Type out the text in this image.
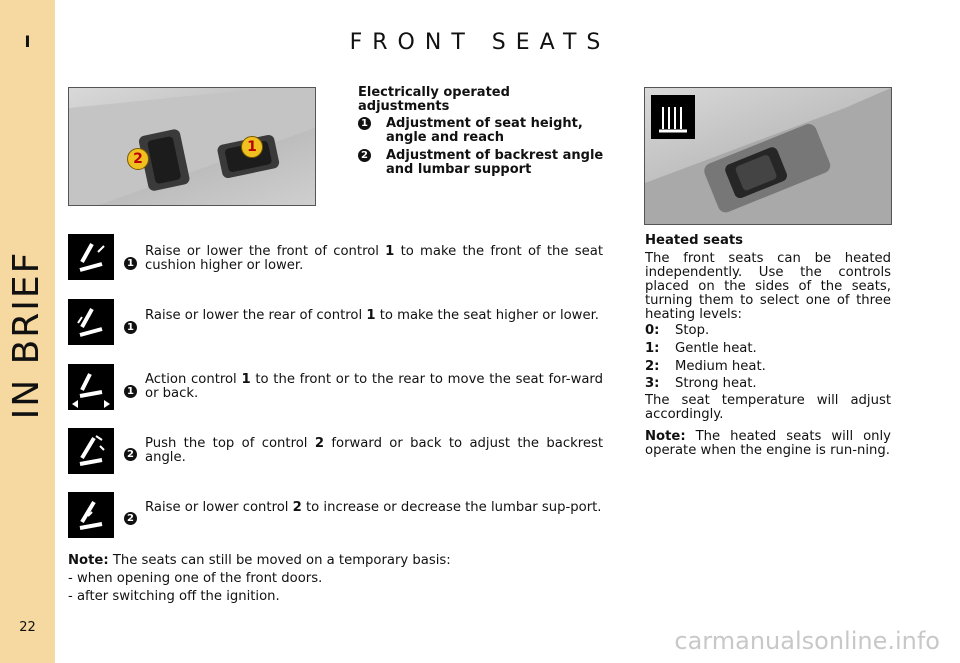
I
IN BRIEF
22
FRONT SEATS
1
2
Electrically operated adjustments
1 Adjustment of seat height, angle and reach
2 Adjustment of backrest angle and lumbar support
1
Raise or lower the front of control 1 to make the front of the seat cushion higher or lower.
1
Raise or lower the rear of control 1 to make the seat higher or lower.
1
Action control 1 to the front or to the rear to move the seat for-ward or back.
2
Push the top of control 2 forward or back to adjust the backrest angle.
2
Raise or lower control 2 to increase or decrease the lumbar sup-port.
Note: The seats can still be moved on a temporary basis:
- when opening one of the front doors.
- after switching off the ignition.
Heated seats
The front seats can be heated independently. Use the controls placed on the sides of the seats, turning them to select one of three heating levels:
0: Stop.
1: Gentle heat.
2: Medium heat.
3: Strong heat.
The seat temperature will adjust accordingly.
Note: The heated seats will only operate when the engine is run-ning.
carmanualsonline.info
